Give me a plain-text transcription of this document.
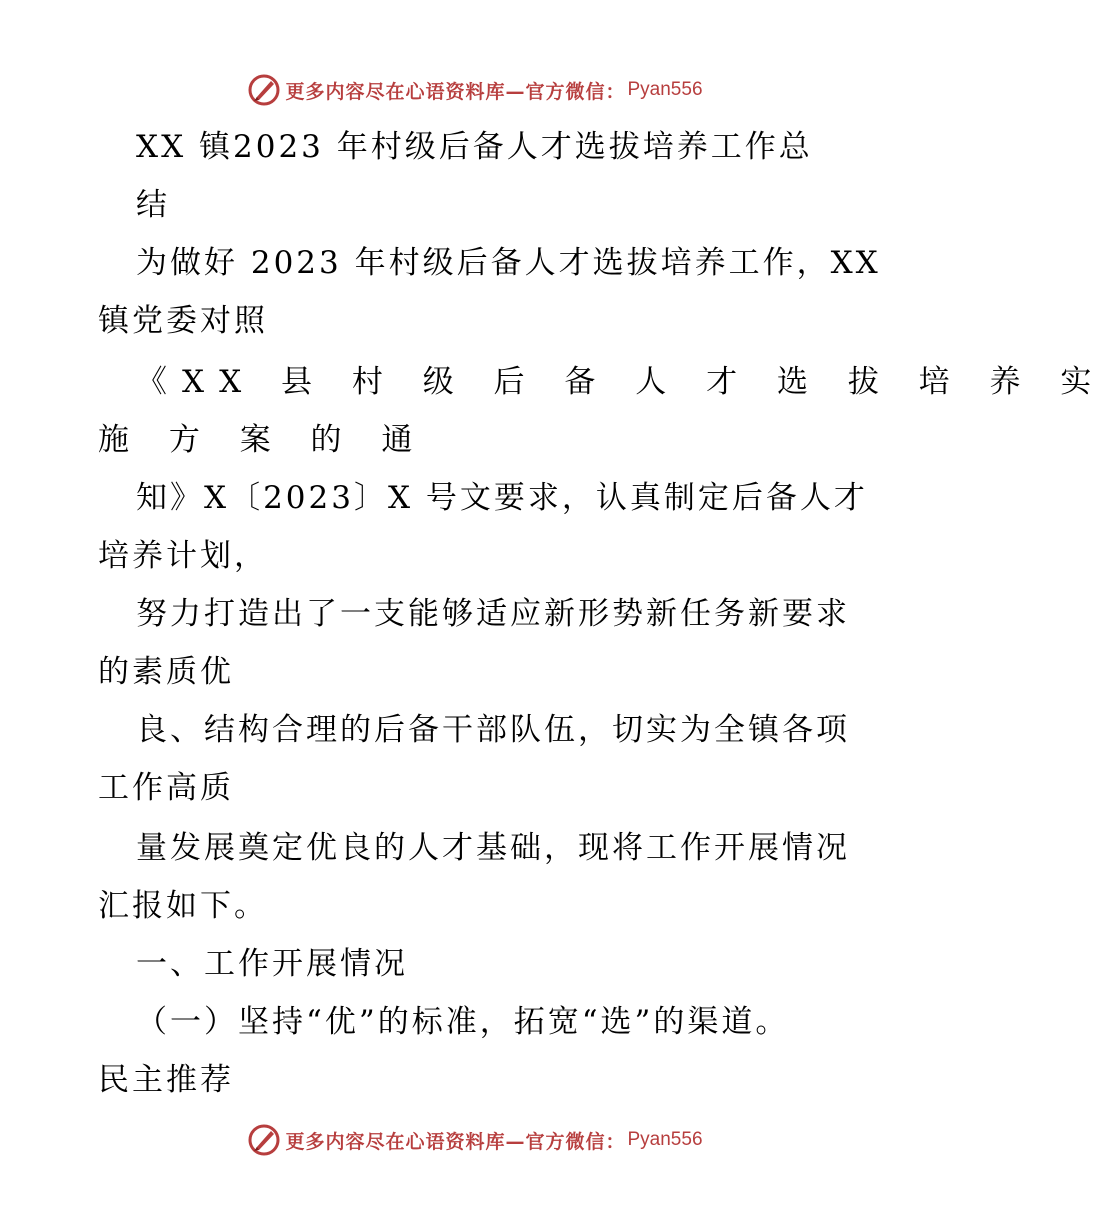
更多内容尽在心语资料库—官方微信： Pyan556
XX 镇2023 年村级后备人才选拔培养工作总
结
为做好 2023 年村级后备人才选拔培养工作，XX
镇党委对照
《XX 县 村 级 后 备 人 才 选 拔 培 养 实
施 方 案 的 通
知》X〔2023〕X 号文要求，认真制定后备人才
培养计划，
努力打造出了一支能够适应新形势新任务新要求
的素质优
良、结构合理的后备干部队伍，切实为全镇各项
工作高质
量发展奠定优良的人才基础，现将工作开展情况
汇报如下。
一、工作开展情况
（一）坚持“优”的标准，拓宽“选”的渠道。
民主推荐
更多内容尽在心语资料库—官方微信： Pyan556
